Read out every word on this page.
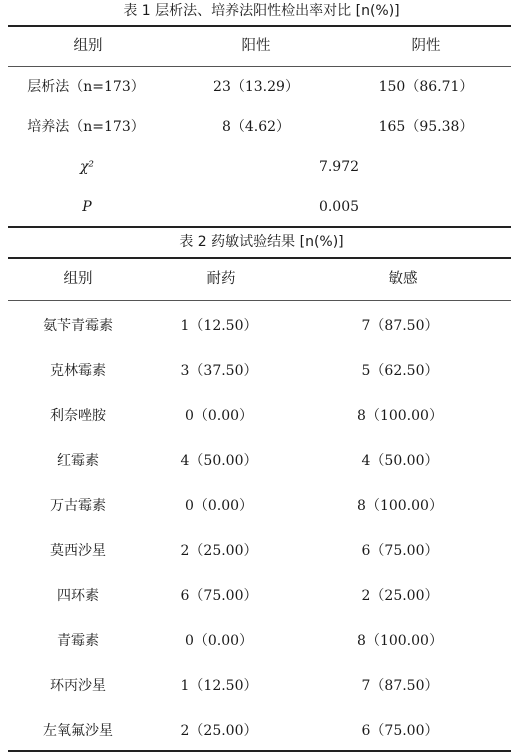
表 1 层析法、培养法阳性检出率对比 [n(%)]
组别	阳性	阴性
层析法（n=173）	23（13.29）	150（86.71）
培养法（n=173）	8（4.62）	165（95.38）
χ²	7.972
P	0.005
表 2 药敏试验结果 [n(%)]
组别	耐药	敏感
氨苄青霉素	1（12.50）	7（87.50）
克林霉素	3（37.50）	5（62.50）
利奈唑胺	0（0.00）	8（100.00）
红霉素	4（50.00）	4（50.00）
万古霉素	0（0.00）	8（100.00）
莫西沙星	2（25.00）	6（75.00）
四环素	6（75.00）	2（25.00）
青霉素	0（0.00）	8（100.00）
环丙沙星	1（12.50）	7（87.50）
左氧氟沙星	2（25.00）	6（75.00）
